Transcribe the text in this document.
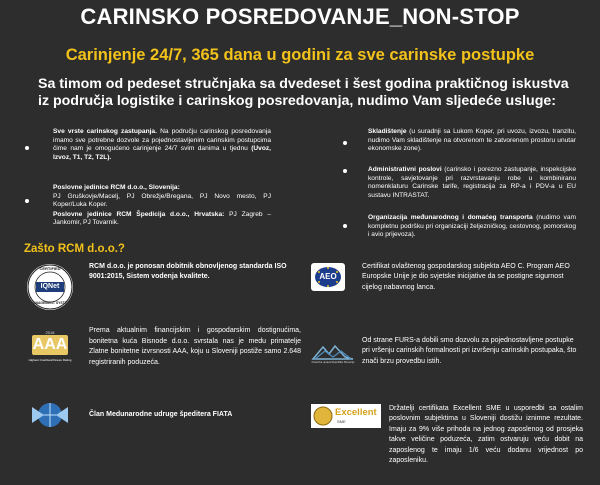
CARINSKO POSREDOVANJE_NON-STOP
Carinjenje 24/7, 365 dana u godini za sve carinske postupke
Sa timom od pedeset stručnjaka sa dvedeset i šest godina praktičnog iskustva
iz područja logistike i carinskog posredovanja, nudimo Vam sljedeće usluge:
Sve vrste carinskog zastupanja. Na području carinskog posredovanja imamo sve potrebne dozvole za pojednostavljenim carinskim postupcima čime nam je omogućeno carinjenje 24/7 svim danima u tjednu (Uvoz, Izvoz, T1, T2, T2L).
Poslovne jedinice RCM d.o.o., Slovenija:
PJ Gruškovje/Macelj, PJ Obrežje/Bregana, PJ Novo mesto, PJ Koper/Luka Koper.
Poslovne jedinice RCM Špedicija d.o.o., Hrvatska: PJ Zagreb – Jankomir, PJ Tovarnik.
Skladištenje (u suradnji sa Lukom Koper, pri uvozu, izvozu, tranzitu, nudimo Vam skladištenje na otvorenom te zatvorenom prostoru unutar ekonomske zone).
Administrativni poslovi (carinsko i porezno zastupanje, inspekcijske kontrole, savjetovanje pri razvrstavanju robe u kombiniranu nomenklaturu Carinske tarife, registracija za RP-a i PDV-a u EU sustavu INTRASTAT.
Organizacija međunarodnog i domaćeg transporta (nudimo vam kompletnu podršku pri organizaciji željezničkog, cestovnog, pomorskog i avio prijevoza).
Zašto RCM d.o.o.?
CERTIFIED
IQNet
MANAGEMENT SYSTEM
RCM d.o.o. je ponosan dobitnik obnovljenog standarda ISO 9001:2015, Sistem vodenja kvalitete.
2018
AAA
Highest Creditworthiness Rating
Prema aktualnim financijskim i gospodarskim dostignućima, bonitetna kuća Bisnode d.o.o. svrstala nas je medu primatelje Zlatne bonitetne izvrsnosti AAA, koju u Sloveniji postiže samo 2.648 registriranih poduzeća.
Član Medunarodne udruge špeditera FIATA
AEO
Certifikat ovlaštenog gospodarskog subjekta AEO C. Program AEO Europske Unije je dio svjetske inicijative da se postigne sigurnost cijelog nabavnog lanca.
Finančna uprava Republike Slovenije
Od strane FURS-a dobili smo dozvolu za pojednostavljene postupke pri vršenju carinskih formalnosti pri izvršenju carinskih postupaka, što znači brzu provedbu istih.
Excellent
SME
Držatelji certifikata Excellent SME u usporedbi sa ostalim poslovnim subjektima u Sloveniji dostižu iznimne rezultate. Imaju za 9% više prihoda na jednog zaposlenog od prosjeka takve veličine poduzeća, zatim ostvaruju veću dobit na zaposlenog te imaju 1/6 veću dodanu vrijednost po zaposleniku.
